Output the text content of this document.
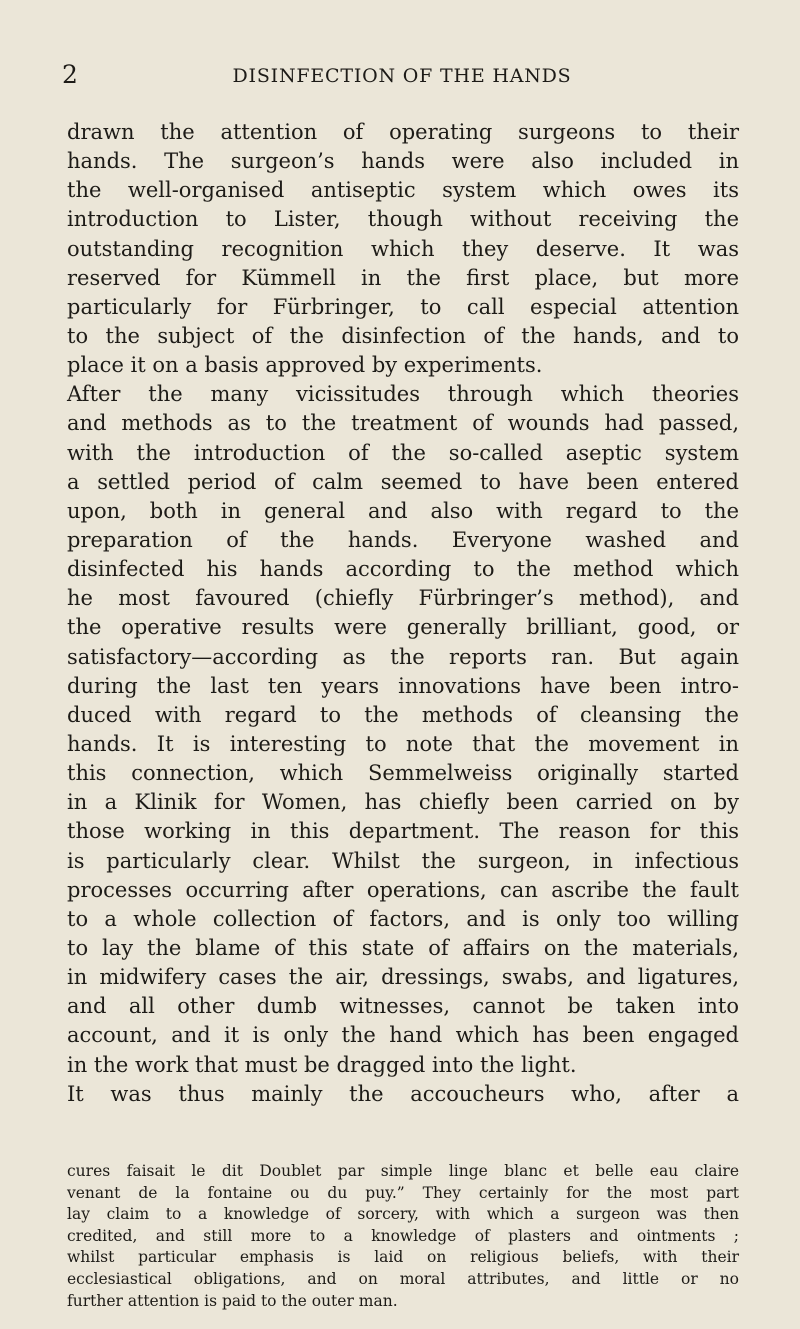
2	DISINFECTION OF THE HANDS
drawn the attention of operating surgeons to their
hands. The surgeon’s hands were also included in
the well-organised antiseptic system which owes its
introduction to Lister, though without receiving the
outstanding recognition which they deserve. It was
reserved for Kümmell in the first place, but more
particularly for Fürbringer, to call especial attention
to the subject of the disinfection of the hands, and to
place it on a basis approved by experiments.
After the many vicissitudes through which theories
and methods as to the treatment of wounds had passed,
with the introduction of the so-called aseptic system
a settled period of calm seemed to have been entered
upon, both in general and also with regard to the
preparation of the hands. Everyone washed and
disinfected his hands according to the method which
he most favoured (chiefly Fürbringer’s method), and
the operative results were generally brilliant, good, or
satisfactory—according as the reports ran. But again
during the last ten years innovations have been intro-
duced with regard to the methods of cleansing the
hands. It is interesting to note that the movement in
this connection, which Semmelweiss originally started
in a Klinik for Women, has chiefly been carried on by
those working in this department. The reason for this
is particularly clear. Whilst the surgeon, in infectious
processes occurring after operations, can ascribe the fault
to a whole collection of factors, and is only too willing
to lay the blame of this state of affairs on the materials,
in midwifery cases the air, dressings, swabs, and ligatures,
and all other dumb witnesses, cannot be taken into
account, and it is only the hand which has been engaged
in the work that must be dragged into the light.
It was thus mainly the accoucheurs who, after a
cures faisait le dit Doublet par simple linge blanc et belle eau claire
venant de la fontaine ou du puy.” They certainly for the most part
lay claim to a knowledge of sorcery, with which a surgeon was then
credited, and still more to a knowledge of plasters and ointments ;
whilst particular emphasis is laid on religious beliefs, with their
ecclesiastical obligations, and on moral attributes, and little or no
further attention is paid to the outer man.
